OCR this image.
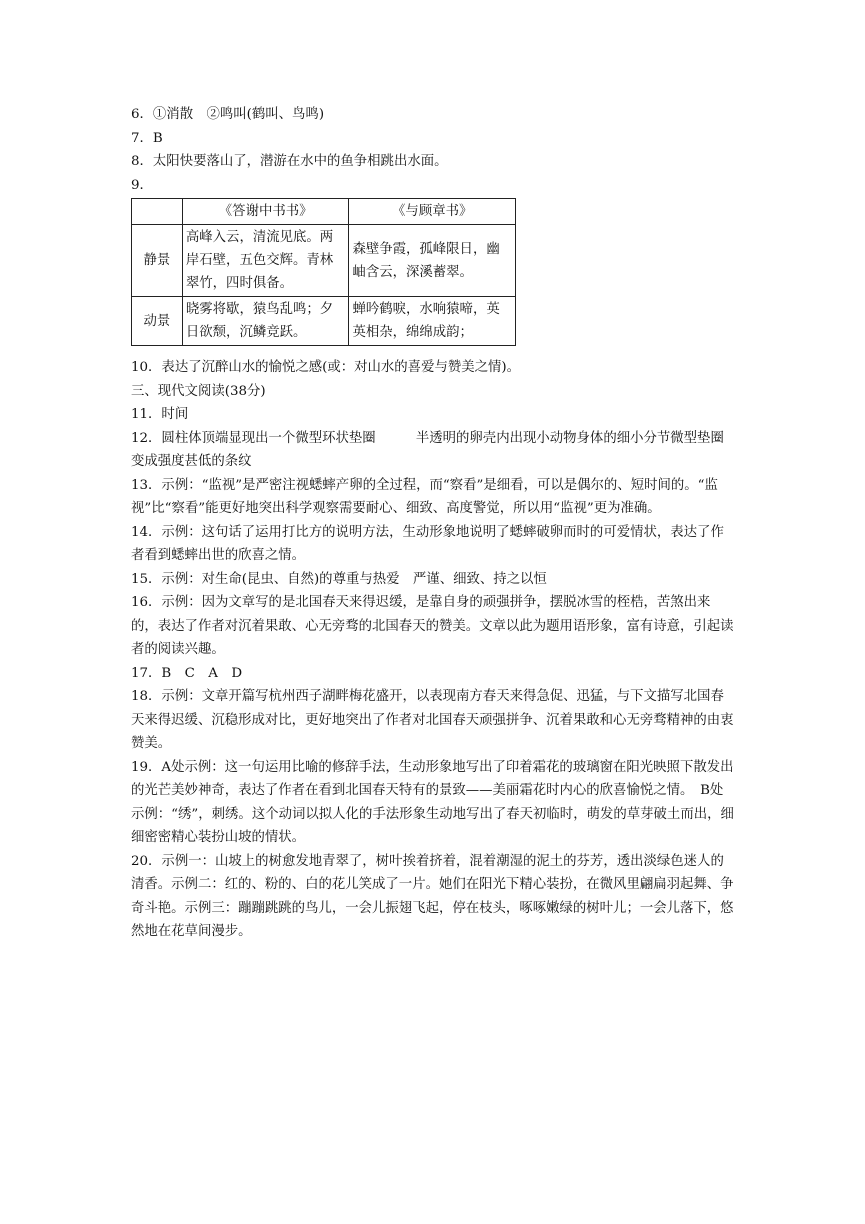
6．①消散　②鸣叫(鹤叫、鸟鸣)
7．B
8．太阳快要落山了，潜游在水中的鱼争相跳出水面。
9．
	《答谢中书书》	《与顾章书》
静景	高峰入云，清流见底。两岸石壁，五色交辉。青林翠竹，四时俱备。	森壁争霞，孤峰限日，幽岫含云，深溪蓄翠。
动景	晓雾将歇，猿鸟乱鸣；夕日欲颓，沉鳞竞跃。	蝉吟鹤唳，水响猿啼，英英相杂，绵绵成韵；
10．表达了沉醉山水的愉悦之感(或：对山水的喜爱与赞美之情)。
三、现代文阅读(38分)
11．时间
12．圆柱体顶端显现出一个微型环状垫圈　　　半透明的卵壳内出现小动物身体的细小分节微型垫圈变成强度甚低的条纹
13．示例：“监视”是严密注视蟋蟀产卵的全过程，而“察看”是细看，可以是偶尔的、短时间的。“监视”比“察看”能更好地突出科学观察需要耐心、细致、高度警觉，所以用“监视”更为准确。
14．示例：这句话了运用打比方的说明方法，生动形象地说明了蟋蟀破卵而时的可爱情状，表达了作者看到蟋蟀出世的欣喜之情。
15．示例：对生命(昆虫、自然)的尊重与热爱　严谨、细致、持之以恒
16．示例：因为文章写的是北国春天来得迟缓，是靠自身的顽强拼争，摆脱冰雪的桎梏，苦煞出来的，表达了作者对沉着果敢、心无旁骛的北国春天的赞美。文章以此为题用语形象，富有诗意，引起读者的阅读兴趣。
17．B　C　A　D
18．示例：文章开篇写杭州西子湖畔梅花盛开，以表现南方春天来得急促、迅猛，与下文描写北国春天来得迟缓、沉稳形成对比，更好地突出了作者对北国春天顽强拼争、沉着果敢和心无旁骛精神的由衷赞美。
19．A处示例：这一句运用比喻的修辞手法，生动形象地写出了印着霜花的玻璃窗在阳光映照下散发出的光芒美妙神奇，表达了作者在看到北国春天特有的景致——美丽霜花时内心的欣喜愉悦之情。　B处示例：“绣”，刺绣。这个动词以拟人化的手法形象生动地写出了春天初临时，萌发的草芽破土而出，细细密密精心装扮山坡的情状。
20．示例一：山坡上的树愈发地青翠了，树叶挨着挤着，混着潮湿的泥土的芬芳，透出淡绿色迷人的清香。示例二：红的、粉的、白的花儿笑成了一片。她们在阳光下精心装扮，在微风里翩扁羽起舞、争奇斗艳。示例三：蹦蹦跳跳的鸟儿，一会儿振翅飞起，停在枝头，啄啄嫩绿的树叶儿；一会儿落下，悠然地在花草间漫步。
